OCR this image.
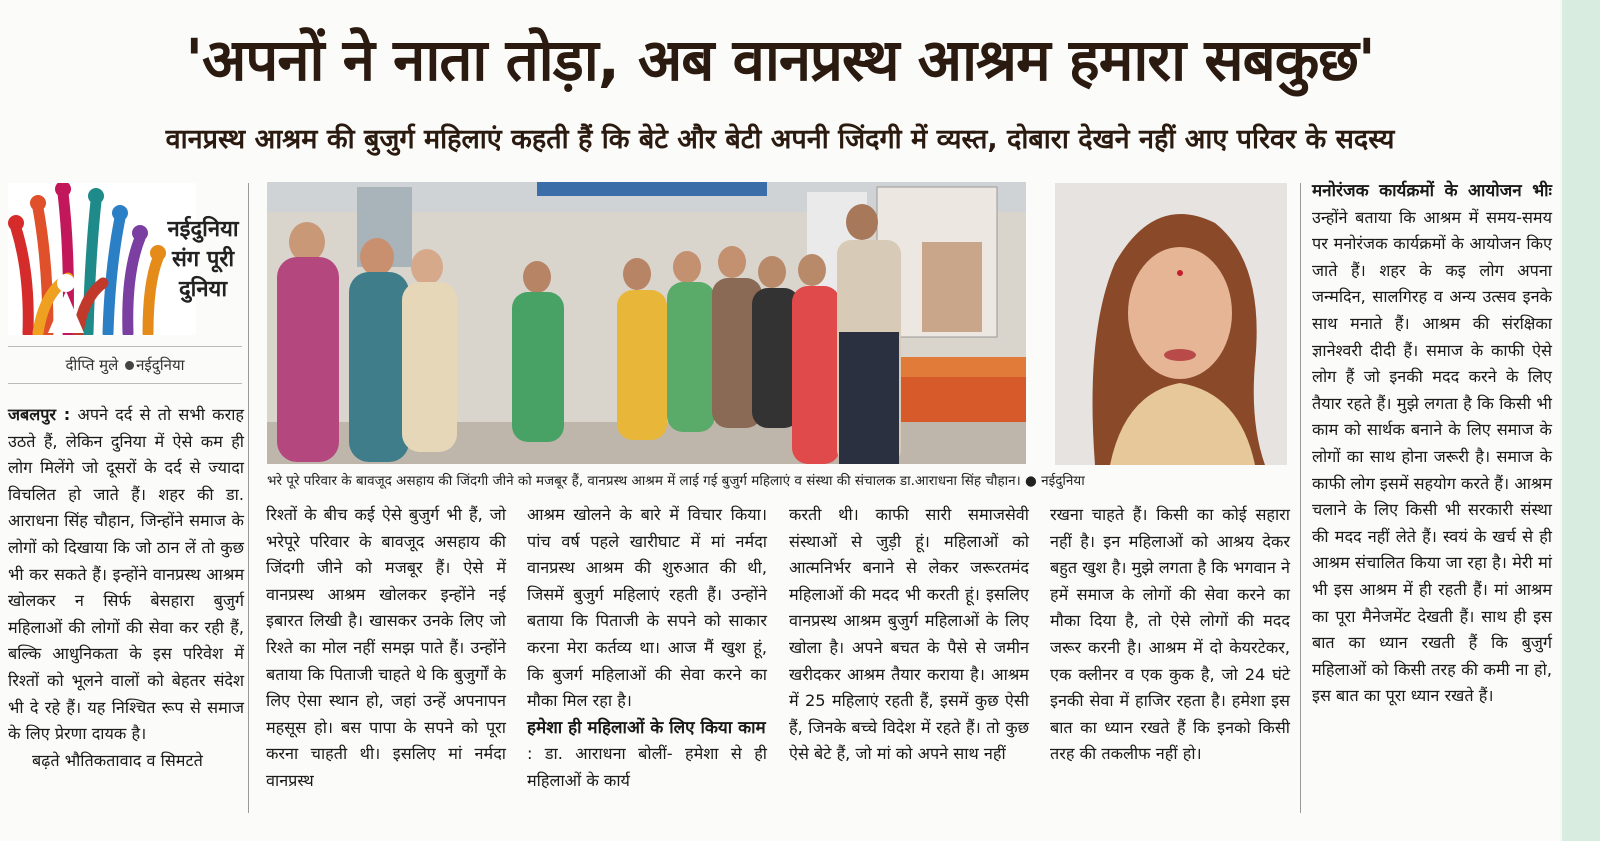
'अपनों ने नाता तोड़ा, अब वानप्रस्थ आश्रम हमारा सबकुछ'
वानप्रस्थ आश्रम की बुजुर्ग महिलाएं कहती हैं कि बेटे और बेटी अपनी जिंदगी में व्यस्त, दोबारा देखने नहीं आए परिवर के सदस्य
नईदुनिया
संग पूरी
दुनिया
दीप्ति मुले नईदुनिया
भरे पूरे परिवार के बावजूद असहाय की जिंदगी जीने को मजबूर हैं, वानप्रस्थ आश्रम में लाई गई बुजुर्ग महिलाएं व संस्था की संचालक डा.आराधना सिंह चौहान। ● नईदुनिया
जबलपुर : अपने दर्द से तो सभी कराह उठते हैं, लेकिन दुनिया में ऐसे कम ही लोग मिलेंगे जो दूसरों के दर्द से ज्यादा विचलित हो जाते हैं। शहर की डा. आराधना सिंह चौहान, जिन्होंने समाज के लोगों को दिखाया कि जो ठान लें तो कुछ भी कर सकते हैं। इन्होंने वानप्रस्थ आश्रम खोलकर न सिर्फ बेसहारा बुजुर्ग महिलाओं की लोगों की सेवा कर रही हैं, बल्कि आधुनिकता के इस परिवेश में रिश्तों को भूलने वालों को बेहतर संदेश भी दे रहे हैं। यह निश्चित रूप से समाज के लिए प्रेरणा दायक है।
बढ़ते भौतिकतावाद व सिमटते
रिश्तों के बीच कई ऐसे बुजुर्ग भी हैं, जो भरेपूरे परिवार के बावजूद असहाय की जिंदगी जीने को मजबूर हैं। ऐसे में वानप्रस्थ आश्रम खोलकर इन्होंने नई इबारत लिखी है। खासकर उनके लिए जो रिश्ते का मोल नहीं समझ पाते हैं। उन्होंने बताया कि पिताजी चाहते थे कि बुजुर्गों के लिए ऐसा स्थान हो, जहां उन्हें अपनापन महसूस हो। बस पापा के सपने को पूरा करना चाहती थी। इसलिए मां नर्मदा वानप्रस्थ
आश्रम खोलने के बारे में विचार किया। पांच वर्ष पहले खारीघाट में मां नर्मदा वानप्रस्थ आश्रम की शुरुआत की थी, जिसमें बुजुर्ग महिलाएं रहती हैं। उन्होंने बताया कि पिताजी के सपने को साकार करना मेरा कर्तव्य था। आज मैं खुश हूं, कि बुजर्ग महिलाओं की सेवा करने का मौका मिल रहा है।
हमेशा ही महिलाओं के लिए किया काम
: डा. आराधना बोलीं- हमेशा से ही महिलाओं के कार्य
करती थी। काफी सारी समाजसेवी संस्थाओं से जुड़ी हूं। महिलाओं को आत्मनिर्भर बनाने से लेकर जरूरतमंद महिलाओं की मदद भी करती हूं। इसलिए वानप्रस्थ आश्रम बुजुर्ग महिलाओं के लिए खोला है। अपने बचत के पैसे से जमीन खरीदकर आश्रम तैयार कराया है। आश्रम में 25 महिलाएं रहती हैं, इसमें कुछ ऐसी हैं, जिनके बच्चे विदेश में रहते हैं। तो कुछ ऐसे बेटे हैं, जो मां को अपने साथ नहीं
रखना चाहते हैं। किसी का कोई सहारा नहीं है। इन महिलाओं को आश्रय देकर बहुत खुश है। मुझे लगता है कि भगवान ने हमें समाज के लोगों की सेवा करने का मौका दिया है, तो ऐसे लोगों की मदद जरूर करनी है। आश्रम में दो केयरटेकर, एक क्लीनर व एक कुक है, जो 24 घंटे इनकी सेवा में हाजिर रहता है। हमेशा इस बात का ध्यान रखते हैं कि इनको किसी तरह की तकलीफ नहीं हो।
मनोरंजक कार्यक्रमों के आयोजन भीः उन्होंने बताया कि आश्रम में समय-समय पर मनोरंजक कार्यक्रमों के आयोजन किए जाते हैं। शहर के कइ लोग अपना जन्मदिन, सालगिरह व अन्य उत्सव इनके साथ मनाते हैं। आश्रम की संरक्षिका ज्ञानेश्वरी दीदी हैं। समाज के काफी ऐसे लोग हैं जो इनकी मदद करने के लिए तैयार रहते हैं। मुझे लगता है कि किसी भी काम को सार्थक बनाने के लिए समाज के लोगों का साथ होना जरूरी है। समाज के काफी लोग इसमें सहयोग करते हैं। आश्रम चलाने के लिए किसी भी सरकारी संस्था की मदद नहीं लेते हैं। स्वयं के खर्च से ही आश्रम संचालित किया जा रहा है। मेरी मां भी इस आश्रम में ही रहती हैं। मां आश्रम का पूरा मैनेजमेंट देखती हैं। साथ ही इस बात का ध्यान रखती हैं कि बुजुर्ग महिलाओं को किसी तरह की कमी ना हो, इस बात का पूरा ध्यान रखते हैं।
